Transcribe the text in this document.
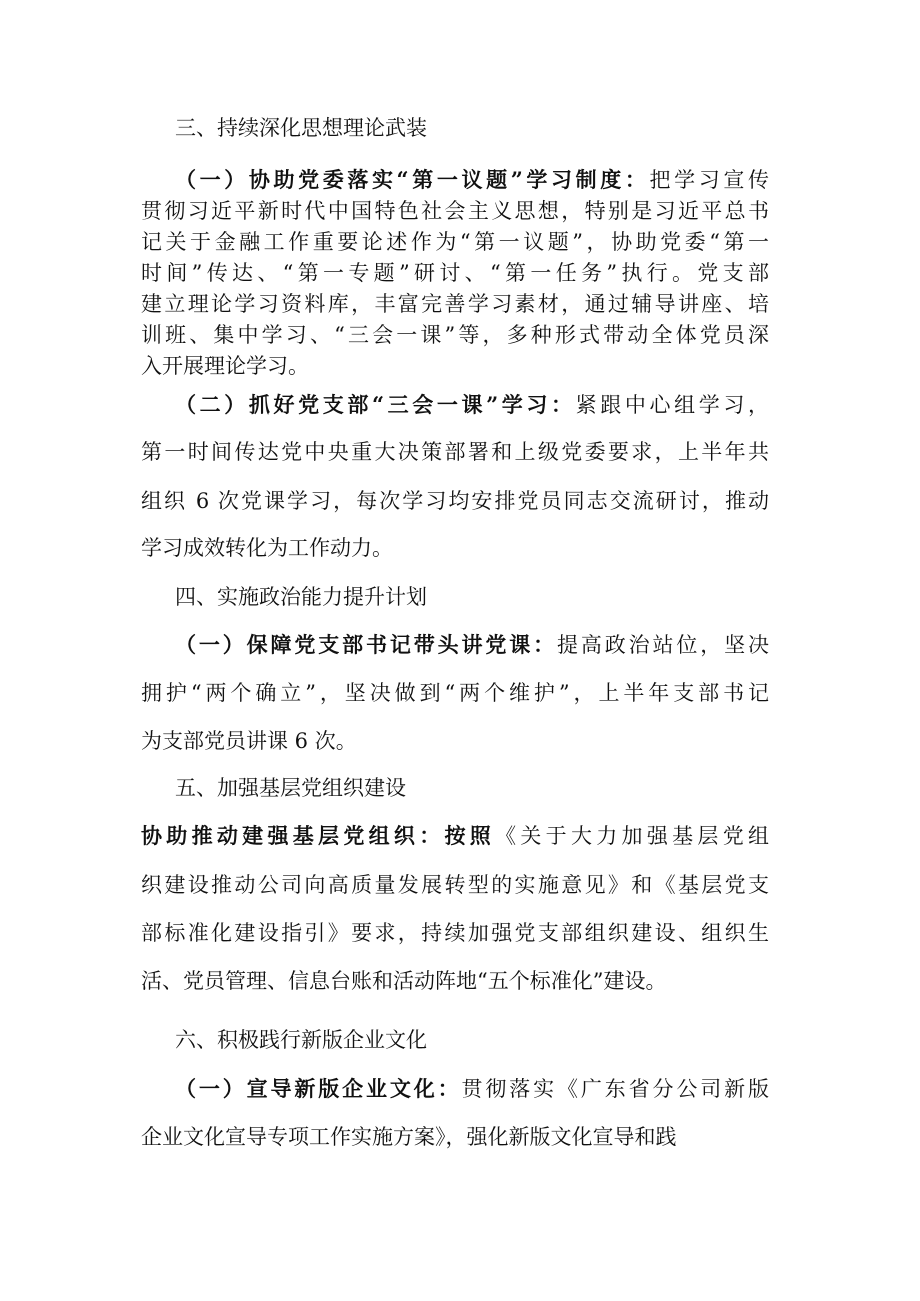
三、持续深化思想理论武装
（一）协助党委落实“第一议题”学习制度：把学习宣传
贯彻习近平新时代中国特色社会主义思想，特别是习近平总书
记关于金融工作重要论述作为“第一议题”，协助党委“第一
时间”传达、“第一专题”研讨、“第一任务”执行。党支部
建立理论学习资料库，丰富完善学习素材，通过辅导讲座、培
训班、集中学习、“三会一课”等，多种形式带动全体党员深
入开展理论学习。
（二）抓好党支部“三会一课”学习：紧跟中心组学习，
第一时间传达党中央重大决策部署和上级党委要求，上半年共
组织 6 次党课学习，每次学习均安排党员同志交流研讨，推动
学习成效转化为工作动力。
四、实施政治能力提升计划
（一）保障党支部书记带头讲党课：提高政治站位，坚决
拥护“两个确立”，坚决做到“两个维护”，上半年支部书记
为支部党员讲课 6 次。
五、加强基层党组织建设
协助推动建强基层党组织：按照《关于大力加强基层党组
织建设推动公司向高质量发展转型的实施意见》和《基层党支
部标准化建设指引》要求，持续加强党支部组织建设、组织生
活、党员管理、信息台账和活动阵地“五个标准化”建设。
六、积极践行新版企业文化
（一）宣导新版企业文化：贯彻落实《广东省分公司新版
企业文化宣导专项工作实施方案》，强化新版文化宣导和践
